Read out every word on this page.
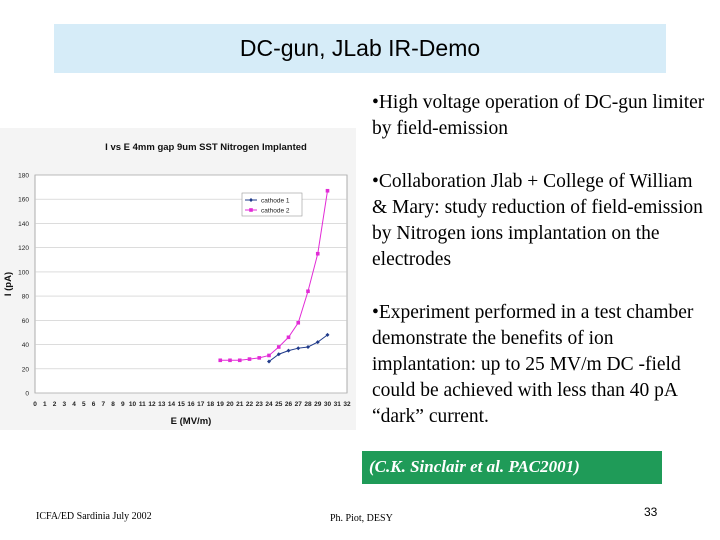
DC-gun, JLab IR-Demo
0
20
40
60
80
100
120
140
160
180
0 1 2 3 4 5 6 7 8 9 10 11 12 13 14 15 16 17 18 19 20 21 22 23 24 25 26 27 28 29 30 31 32
I vs E 4mm gap 9um SST Nitrogen Implanted
E (MV/m)
I (pA)
cathode 1
cathode 2
•High voltage operation of DC-gun limiter by field-emission
•Collaboration Jlab + College of William & Mary: study reduction of field-emission by Nitrogen ions implantation on the electrodes
•Experiment performed in a test chamber demonstrate the benefits of ion implantation: up to 25 MV/m DC -field could be achieved with less than 40 pA “dark” current.
(C.K. Sinclair et al. PAC2001)
ICFA/ED Sardinia July 2002	Ph. Piot, DESY	33
